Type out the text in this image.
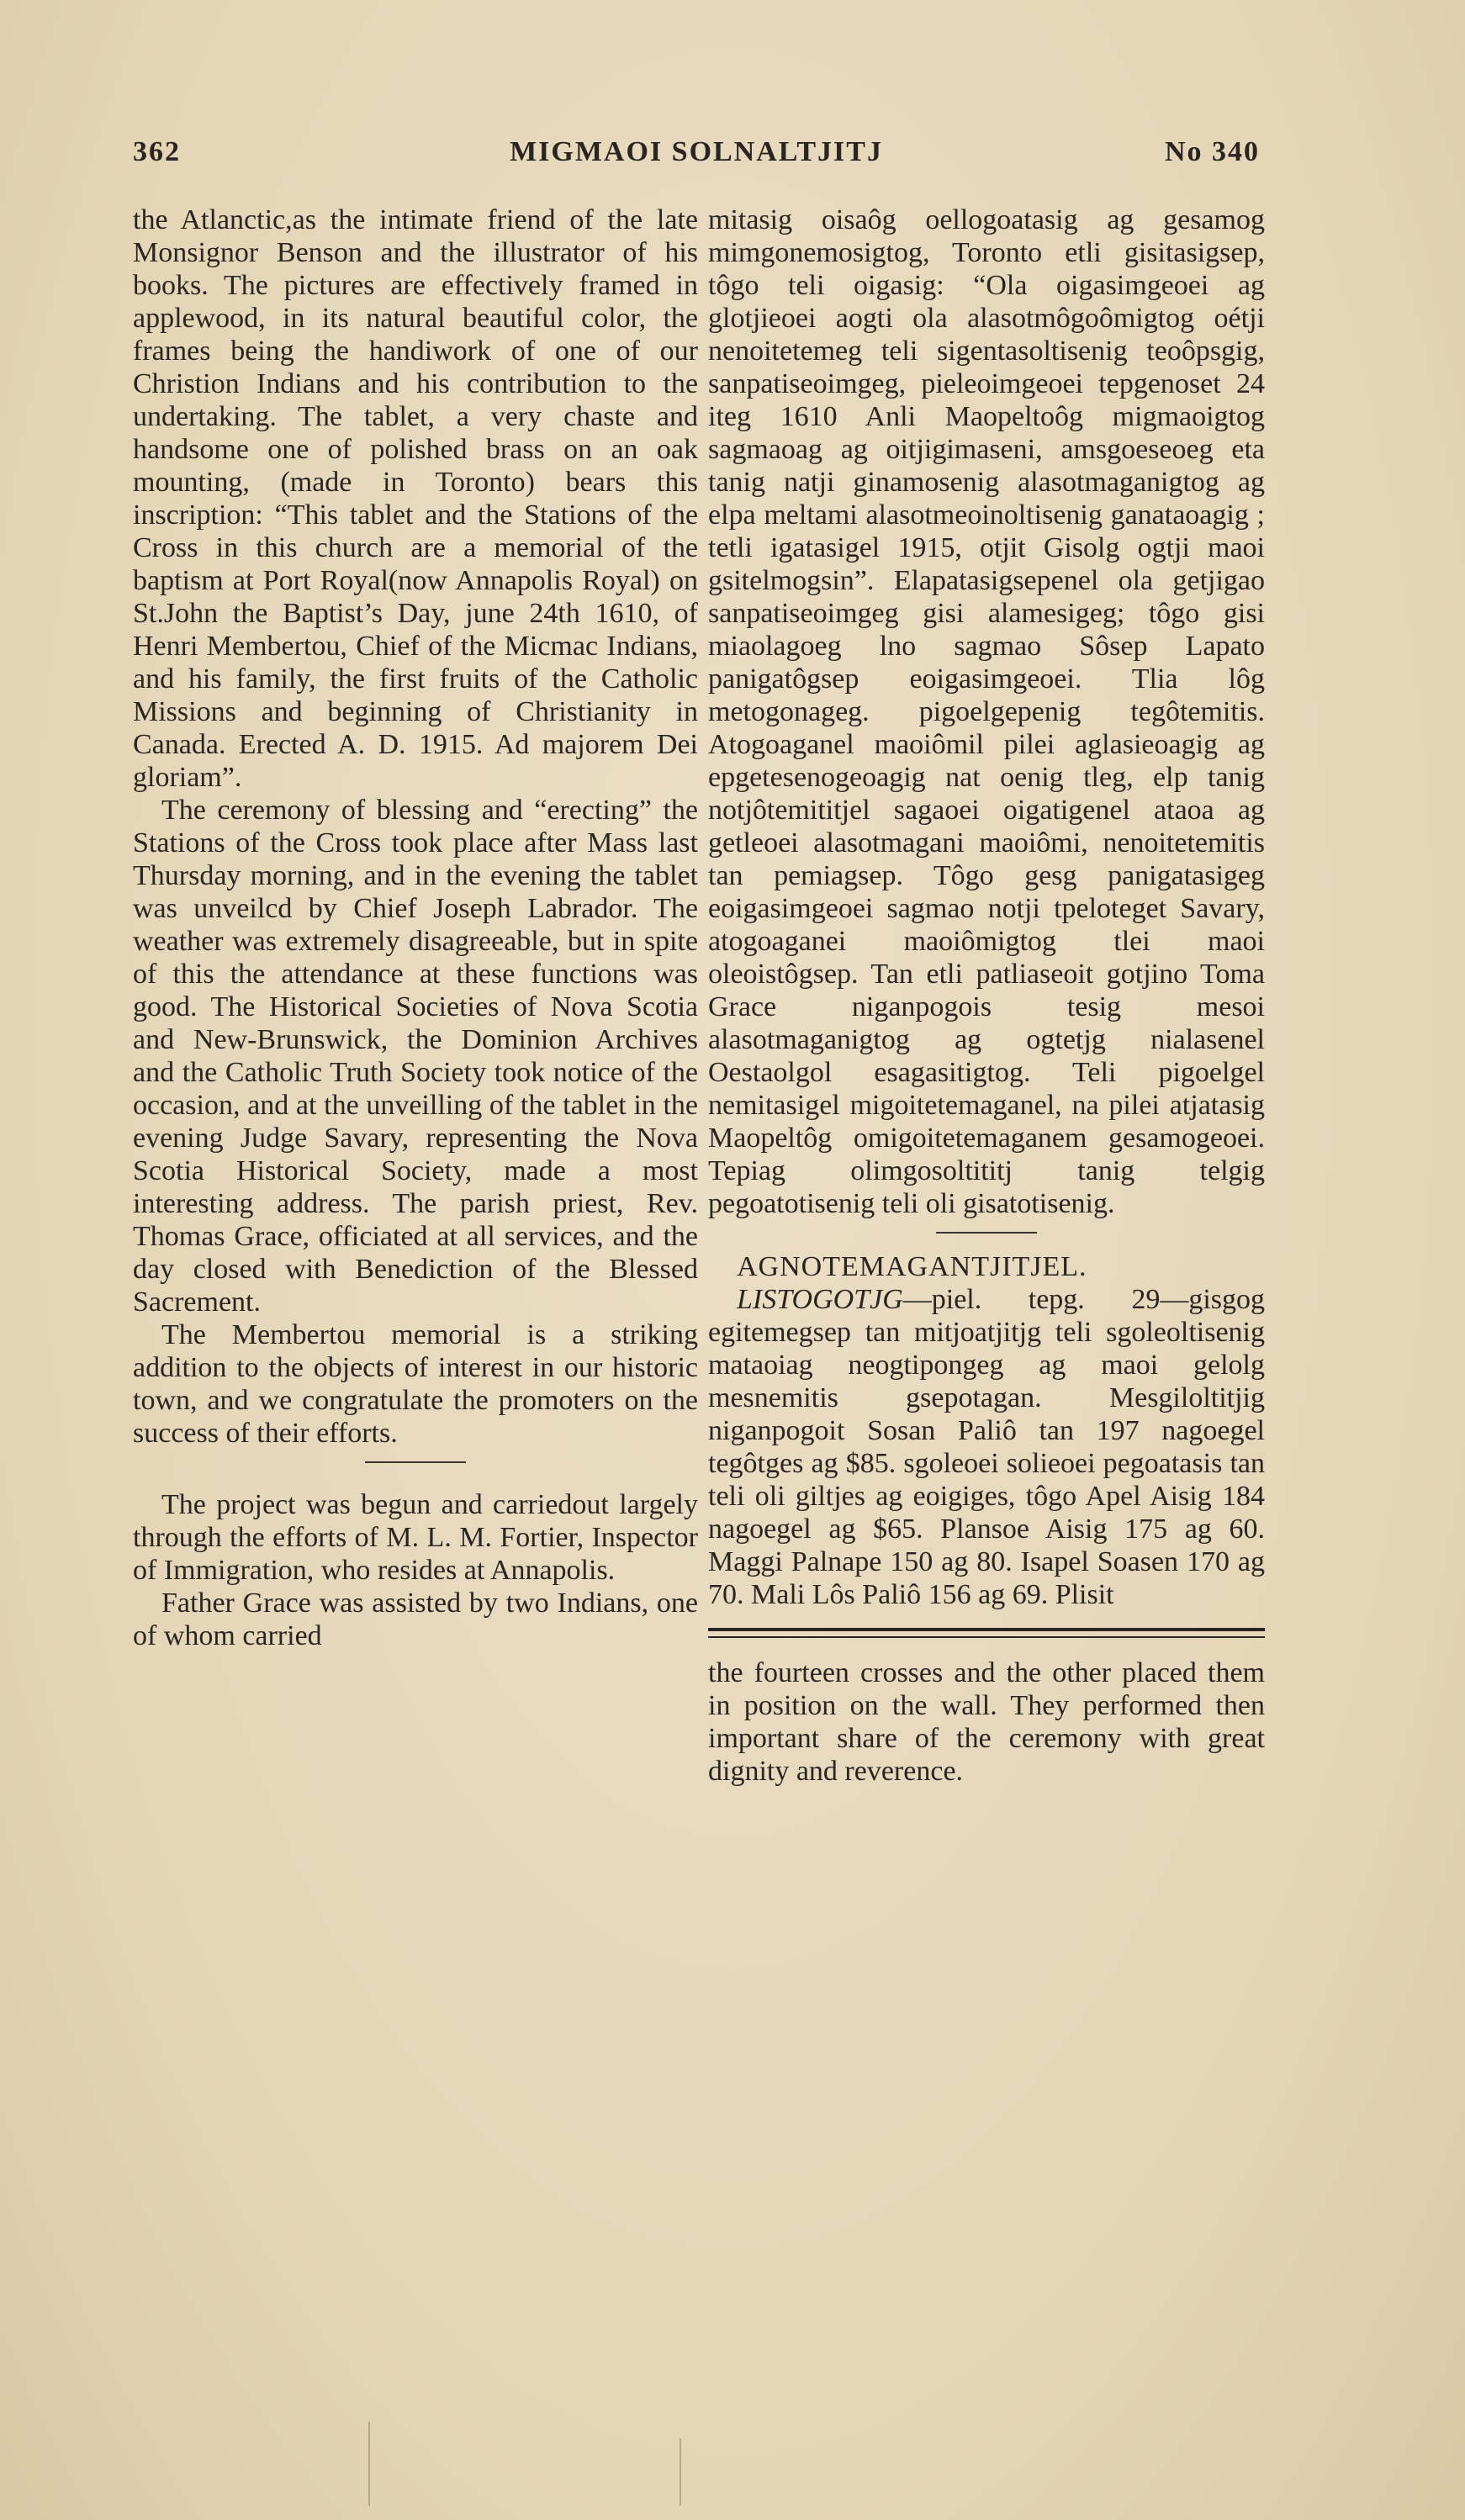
362	MIGMAOI SOLNALTJITJ	No 340

the Atlanctic,as the intimate friend of the late Monsignor Benson and the illustrator of his books. The pictures are effectively framed in applewood, in its natural beautiful color, the frames being the handiwork of one of our Christion Indians and his contribution to the undertaking. The tablet, a very chaste and handsome one of polished brass on an oak mounting, (made in Toronto) bears this inscription: “This tablet and the Stations of the Cross in this church are a memorial of the baptism at Port Royal(now Annapolis Royal) on St.John the Baptist’s Day, june 24th 1610, of Henri Membertou, Chief of the Micmac Indians, and his family, the first fruits of the Catholic Missions and beginning of Christianity in Canada. Erected A. D. 1915. Ad majorem Dei gloriam”.

The ceremony of blessing and “erecting” the Stations of the Cross took place after Mass last Thursday morning, and in the evening the tablet was unveilcd by Chief Joseph Labrador. The weather was extremely disagreeable, but in spite of this the attendance at these functions was good. The Historical Societies of Nova Scotia and New-Brunswick, the Dominion Archives and the Catholic Truth Society took notice of the occasion, and at the unveilling of the tablet in the evening Judge Savary, representing the Nova Scotia Historical Society, made a most interesting address. The parish priest, Rev. Thomas Grace, officiated at all services, and the day closed with Benediction of the Blessed Sacrement.

The Membertou memorial is a striking addition to the objects of interest in our historic town, and we congratulate the promoters on the success of their efforts.

The project was begun and carriedout largely through the efforts of M. L. M. Fortier, Inspector of Immigration, who resides at Annapolis.

Father Grace was assisted by two Indians, one of whom carried

mitasig oisaôg oellogoatasig ag gesamog mimgonemosigtog, Toronto etli gisitasigsep, tôgo teli oigasig: “Ola oigasimgeoei ag glotjieoei aogti ola alasotmôgoômigtog oétji nenoitetemeg teli sigentasoltisenig teoôpsgig, sanpatiseoimgeg, pieleoimgeoei tepgenoset 24 iteg 1610 Anli Maopeltoôg migmaoigtog sagmaoag ag oitjigimaseni, amsgoeseoeg eta tanig natji ginamosenig alasotmaganigtog ag elpa meltami alasotmeoinoltisenig ganataoagig ; tetli igatasigel 1915, otjit Gisolg ogtji maoi gsitelmogsin”. Elapatasigsepenel ola getjigao sanpatiseoimgeg gisi alamesigeg; tôgo gisi miaolagoeg lno sagmao Sôsep Lapato panigatôgsep eoigasimgeoei. Tlia lôg metogonageg. pigoelgepenig tegôtemitis. Atogoaganel maoiômil pilei aglasieoagig ag epgetesenogeoagig nat oenig tleg, elp tanig notjôtemititjel sagaoei oigatigenel ataoa ag getleoei alasotmagani maoiômi, nenoitetemitis tan pemiagsep. Tôgo gesg panigatasigeg eoigasimgeoei sagmao notji tpeloteget Savary, atogoaganei maoiômigtog tlei maoi oleoistôgsep. Tan etli patliaseoit gotjino Toma Grace niganpogois tesig mesoi alasotmaganigtog ag ogtetjg nialasenel Oestaolgol esagasitigtog. Teli pigoelgel nemitasigel migoitetemaganel, na pilei atjatasig Maopeltôg omigoitetemaganem gesamogeoei. Tepiag olimgosoltititj tanig telgig pegoatotisenig teli oli gisatotisenig.

AGNOTEMAGANTJITJEL.

LISTOGOTJG—piel. tepg. 29—gisgog egitemegsep tan mitjoatjitjg teli sgoleoltisenig mataoiag neogtipongeg ag maoi gelolg mesnemitis gsepotagan. Mesgiloltitjig niganpogoit Sosan Paliô tan 197 nagoegel tegôtges ag $85. sgoleoei solieoei pegoatasis tan teli oli giltjes ag eoigiges, tôgo Apel Aisig 184 nagoegel ag $65. Plansoe Aisig 175 ag 60. Maggi Palnape 150 ag 80. Isapel Soasen 170 ag 70. Mali Lôs Paliô 156 ag 69. Plisit

the fourteen crosses and the other placed them in position on the wall. They performed then important share of the ceremony with great dignity and reverence.
